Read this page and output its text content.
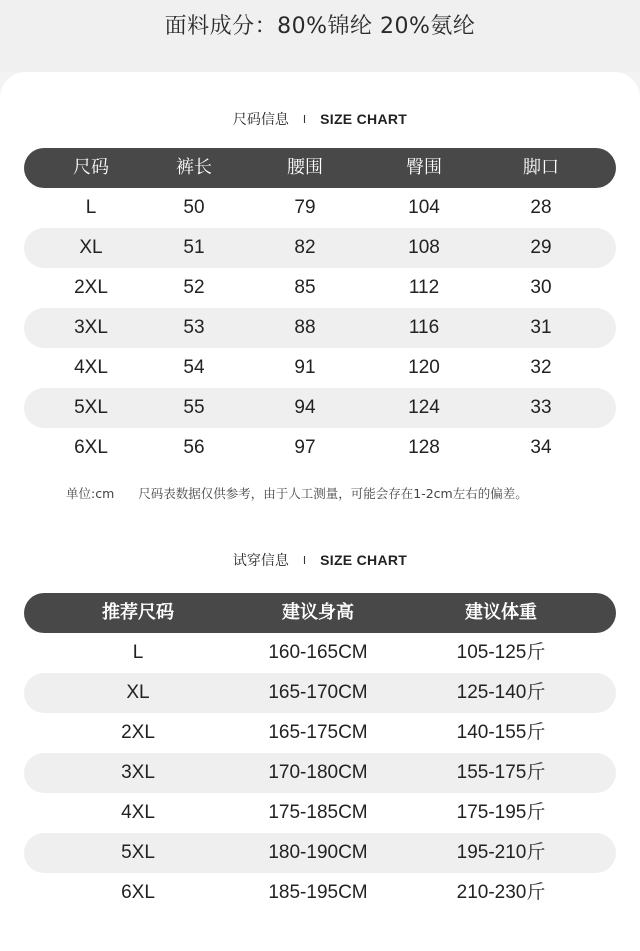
面料成分：80%锦纶 20%氨纶
尺码信息 I SIZE CHART
尺码	裤长	腰围	臀围	脚口
L	50	79	104	28
XL	51	82	108	29
2XL	52	85	112	30
3XL	53	88	116	31
4XL	54	91	120	32
5XL	55	94	124	33
6XL	56	97	128	34
单位:cm 尺码表数据仅供参考，由于人工测量，可能会存在1-2cm左右的偏差。
试穿信息 I SIZE CHART
推荐尺码	建议身高	建议体重
L	160-165CM	105-125斤
XL	165-170CM	125-140斤
2XL	165-175CM	140-155斤
3XL	170-180CM	155-175斤
4XL	175-185CM	175-195斤
5XL	180-190CM	195-210斤
6XL	185-195CM	210-230斤
